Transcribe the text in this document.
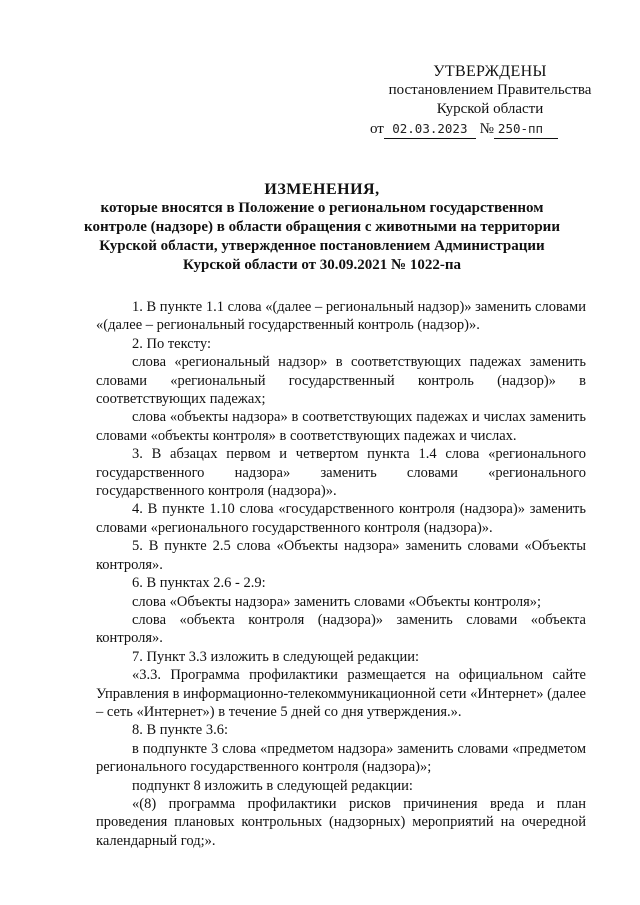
УТВЕРЖДЕНЫ
постановлением Правительства
Курской области
от 02.03.2023 № 250-пп
ИЗМЕНЕНИЯ,
которые вносятся в Положение о региональном государственном
контроле (надзоре) в области обращения с животными на территории
Курской области, утвержденное постановлением Администрации
Курской области от 30.09.2021 № 1022-па

1. В пункте 1.1 слова «(далее – региональный надзор)» заменить словами «(далее – региональный государственный контроль (надзор)».

2. По тексту:

слова «региональный надзор» в соответствующих падежах заменить словами «региональный государственный контроль (надзор)» в соответствующих падежах;

слова «объекты надзора» в соответствующих падежах и числах заменить словами «объекты контроля» в соответствующих падежах и числах.

3. В абзацах первом и четвертом пункта 1.4 слова «регионального государственного надзора» заменить словами «регионального государственного контроля (надзора)».

4. В пункте 1.10 слова «государственного контроля (надзора)» заменить словами «регионального государственного контроля (надзора)».

5. В пункте 2.5 слова «Объекты надзора» заменить словами «Объекты контроля».

6. В пунктах 2.6 - 2.9:

слова «Объекты надзора» заменить словами «Объекты контроля»;

слова «объекта контроля (надзора)» заменить словами «объекта контроля».

7. Пункт 3.3 изложить в следующей редакции:

«3.3. Программа профилактики размещается на официальном сайте Управления в информационно-телекоммуникационной сети «Интернет» (далее – сеть «Интернет») в течение 5 дней со дня утверждения.».

8. В пункте 3.6:

в подпункте 3 слова «предметом надзора» заменить словами «предметом регионального государственного контроля (надзора)»;

подпункт 8 изложить в следующей редакции:

«(8) программа профилактики рисков причинения вреда и план проведения плановых контрольных (надзорных) мероприятий на очередной календарный год;».
